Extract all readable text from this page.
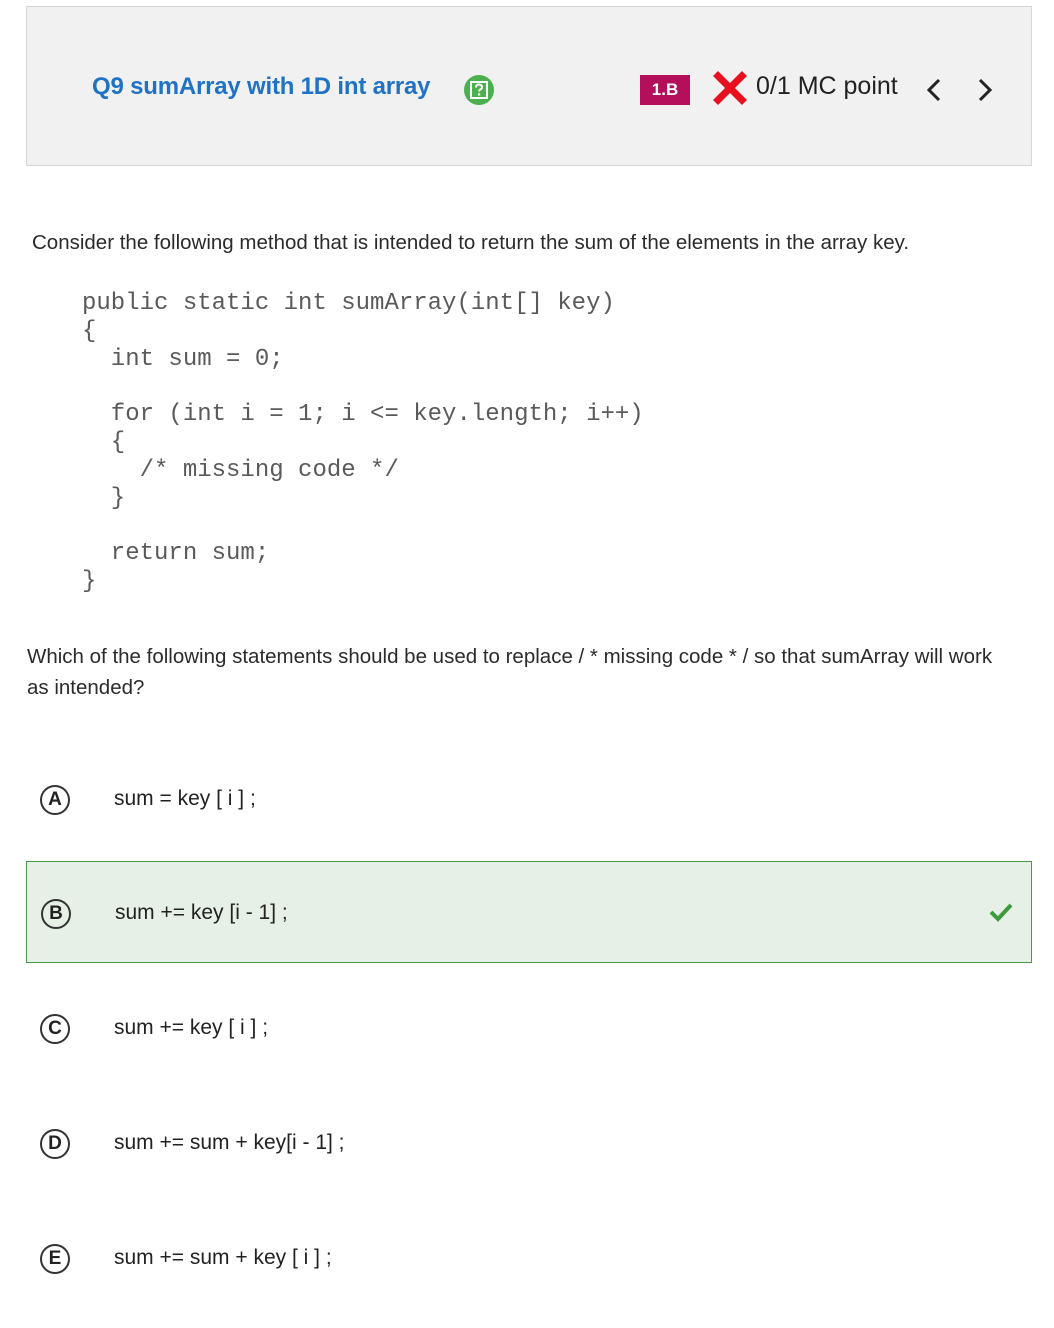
Q9 sumArray with 1D int array	1.B	0/1 MC point
Consider the following method that is intended to return the sum of the elements in the array key.
public static int sumArray(int[] key)
{
int sum = 0;

for (int i = 1; i <= key.length; i++)
{
/* missing code */
}

return sum;
}
Which of the following statements should be used to replace / * missing code * / so that sumArray will work as intended?
A	sum = key [ i ] ;
B	sum += key [i - 1] ;
C	sum += key [ i ] ;
D	sum += sum + key[i - 1] ;
E	sum += sum + key [ i ] ;
